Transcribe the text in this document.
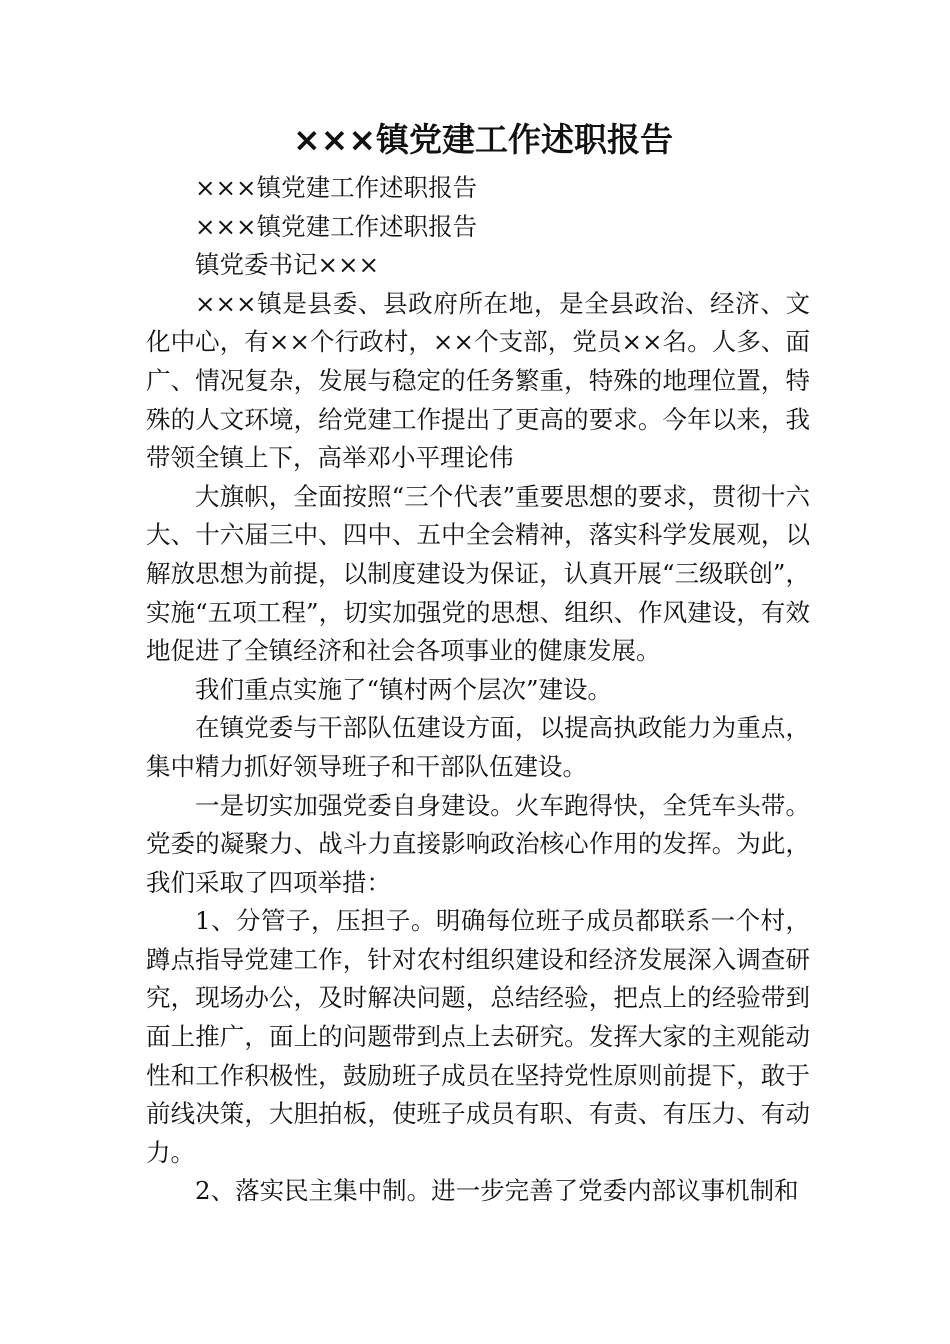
×××镇党建工作述职报告

×××镇党建工作述职报告

×××镇党建工作述职报告

镇党委书记×××

×××镇是县委、县政府所在地，是全县政治、经济、文化中心，有××个行政村，××个支部，党员××名。人多、面广、情况复杂，发展与稳定的任务繁重，特殊的地理位置，特殊的人文环境，给党建工作提出了更高的要求。今年以来，我带领全镇上下，高举邓小平理论伟

大旗帜，全面按照“三个代表”重要思想的要求，贯彻十六大、十六届三中、四中、五中全会精神，落实科学发展观，以解放思想为前提，以制度建设为保证，认真开展“三级联创”，实施“五项工程”，切实加强党的思想、组织、作风建设，有效地促进了全镇经济和社会各项事业的健康发展。

我们重点实施了“镇村两个层次”建设。

在镇党委与干部队伍建设方面，以提高执政能力为重点，集中精力抓好领导班子和干部队伍建设。

一是切实加强党委自身建设。火车跑得快，全凭车头带。党委的凝聚力、战斗力直接影响政治核心作用的发挥。为此，我们采取了四项举措：

1、分管子，压担子。明确每位班子成员都联系一个村，蹲点指导党建工作，针对农村组织建设和经济发展深入调查研究，现场办公，及时解决问题，总结经验，把点上的经验带到面上推广，面上的问题带到点上去研究。发挥大家的主观能动性和工作积极性，鼓励班子成员在坚持党性原则前提下，敢于前线决策，大胆拍板，使班子成员有职、有责、有压力、有动力。

2、落实民主集中制。进一步完善了党委内部议事机制和
